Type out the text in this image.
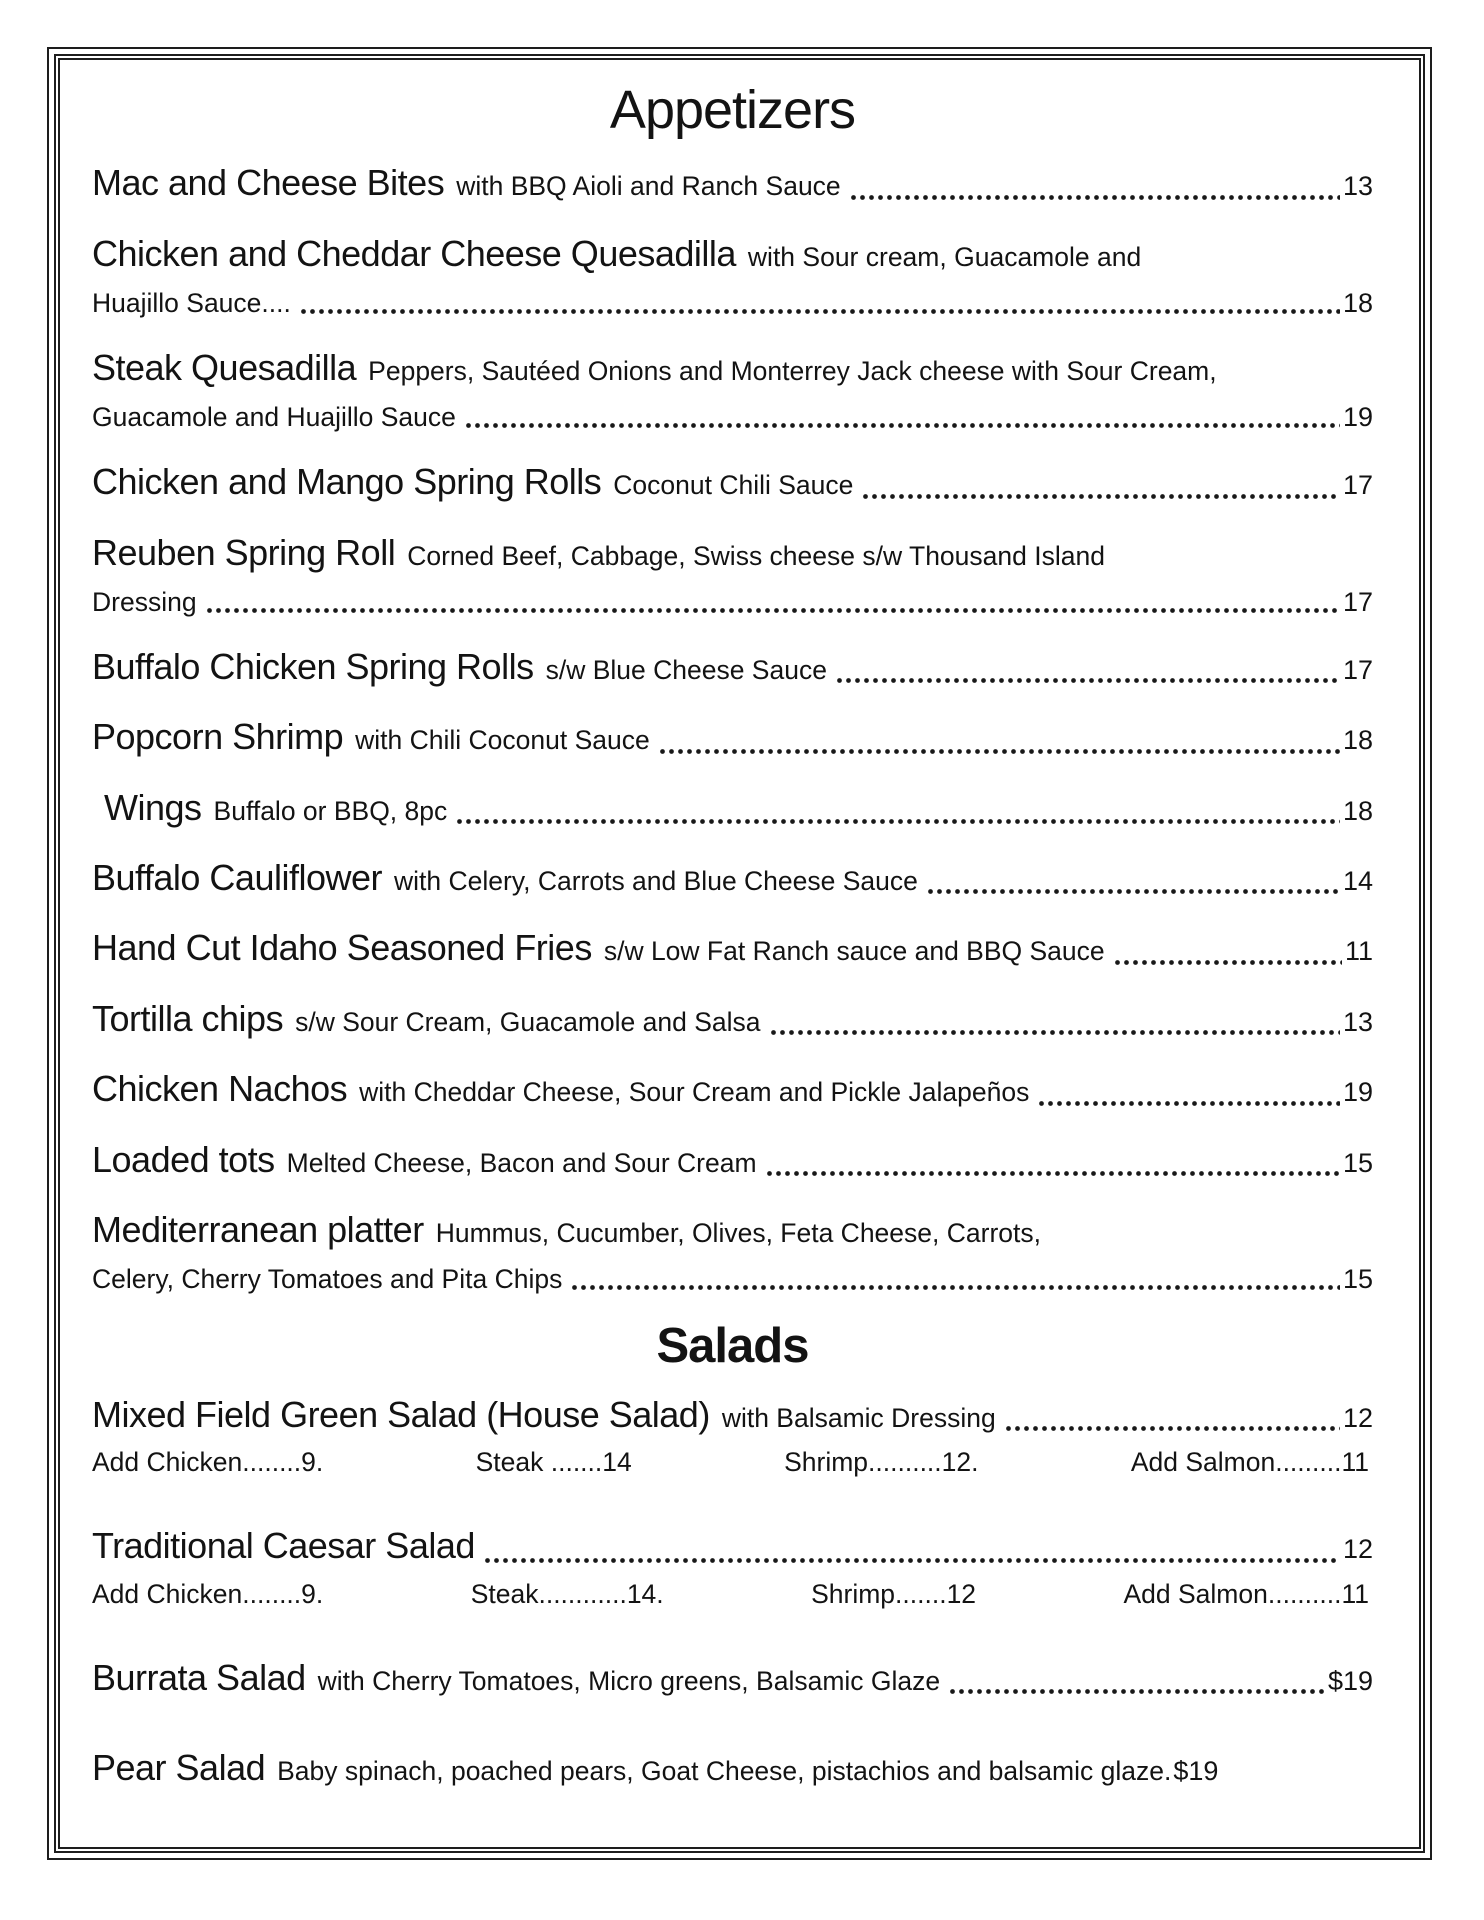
Appetizers
Mac and Cheese Bites with BBQ Aioli and Ranch Sauce	13
Chicken and Cheddar Cheese Quesadilla with Sour cream, Guacamole and
Huajillo Sauce....	18
Steak Quesadilla Peppers, Sautéed Onions and Monterrey Jack cheese with Sour Cream,
Guacamole and Huajillo Sauce	19
Chicken and Mango Spring Rolls Coconut Chili Sauce	17
Reuben Spring Roll Corned Beef, Cabbage, Swiss cheese s/w Thousand Island
Dressing	17
Buffalo Chicken Spring Rolls s/w Blue Cheese Sauce	17
Popcorn Shrimp with Chili Coconut Sauce	18
Wings Buffalo or BBQ, 8pc	18
Buffalo Cauliflower with Celery, Carrots and Blue Cheese Sauce	14
Hand Cut Idaho Seasoned Fries s/w Low Fat Ranch sauce and BBQ Sauce	11
Tortilla chips s/w Sour Cream, Guacamole and Salsa	13
Chicken Nachos with Cheddar Cheese, Sour Cream and Pickle Jalapeños	19
Loaded tots Melted Cheese, Bacon and Sour Cream	15
Mediterranean platter Hummus, Cucumber, Olives, Feta Cheese, Carrots,
Celery, Cherry Tomatoes and Pita Chips	15
Salads
Mixed Field Green Salad (House Salad) with Balsamic Dressing	12
Add Chicken........9.	Steak .......14	Shrimp..........12.	Add Salmon.........11
Traditional Caesar Salad	12
Add Chicken........9.	Steak............14.	Shrimp.......12	Add Salmon..........11
Burrata Salad with Cherry Tomatoes, Micro greens, Balsamic Glaze	$19
Pear Salad Baby spinach, poached pears, Goat Cheese, pistachios and balsamic glaze. $19
